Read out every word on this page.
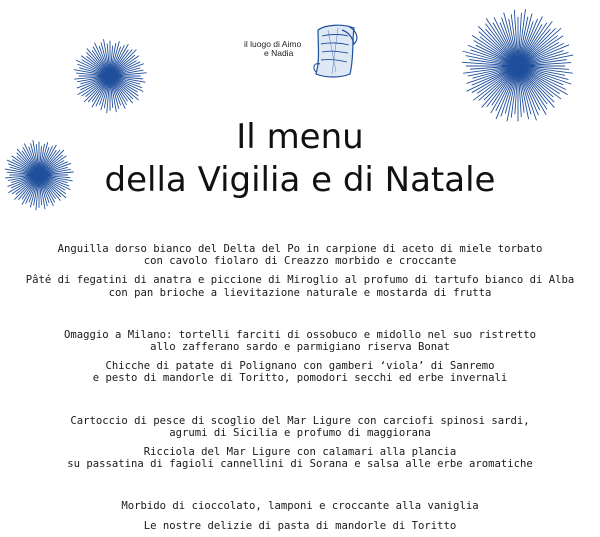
il luogo di Aimo
e Nadia
Il menu
della Vigilia e di Natale
Anguilla dorso bianco del Delta del Po in carpione di aceto di miele torbato
con cavolo fiolaro di Creazzo morbido e croccante
Pâté di fegatini di anatra e piccione di Miroglio al profumo di tartufo bianco di Alba
con pan brioche a lievitazione naturale e mostarda di frutta
Omaggio a Milano: tortelli farciti di ossobuco e midollo nel suo ristretto
allo zafferano sardo e parmigiano riserva Bonat
Chicche di patate di Polignano con gamberi ‘viola’ di Sanremo
e pesto di mandorle di Toritto, pomodori secchi ed erbe invernali
Cartoccio di pesce di scoglio del Mar Ligure con carciofi spinosi sardi,
agrumi di Sicilia e profumo di maggiorana
Ricciola del Mar Ligure con calamari alla plancia
su passatina di fagioli cannellini di Sorana e salsa alle erbe aromatiche
Morbido di cioccolato, lamponi e croccante alla vaniglia
Le nostre delizie di pasta di mandorle di Toritto
